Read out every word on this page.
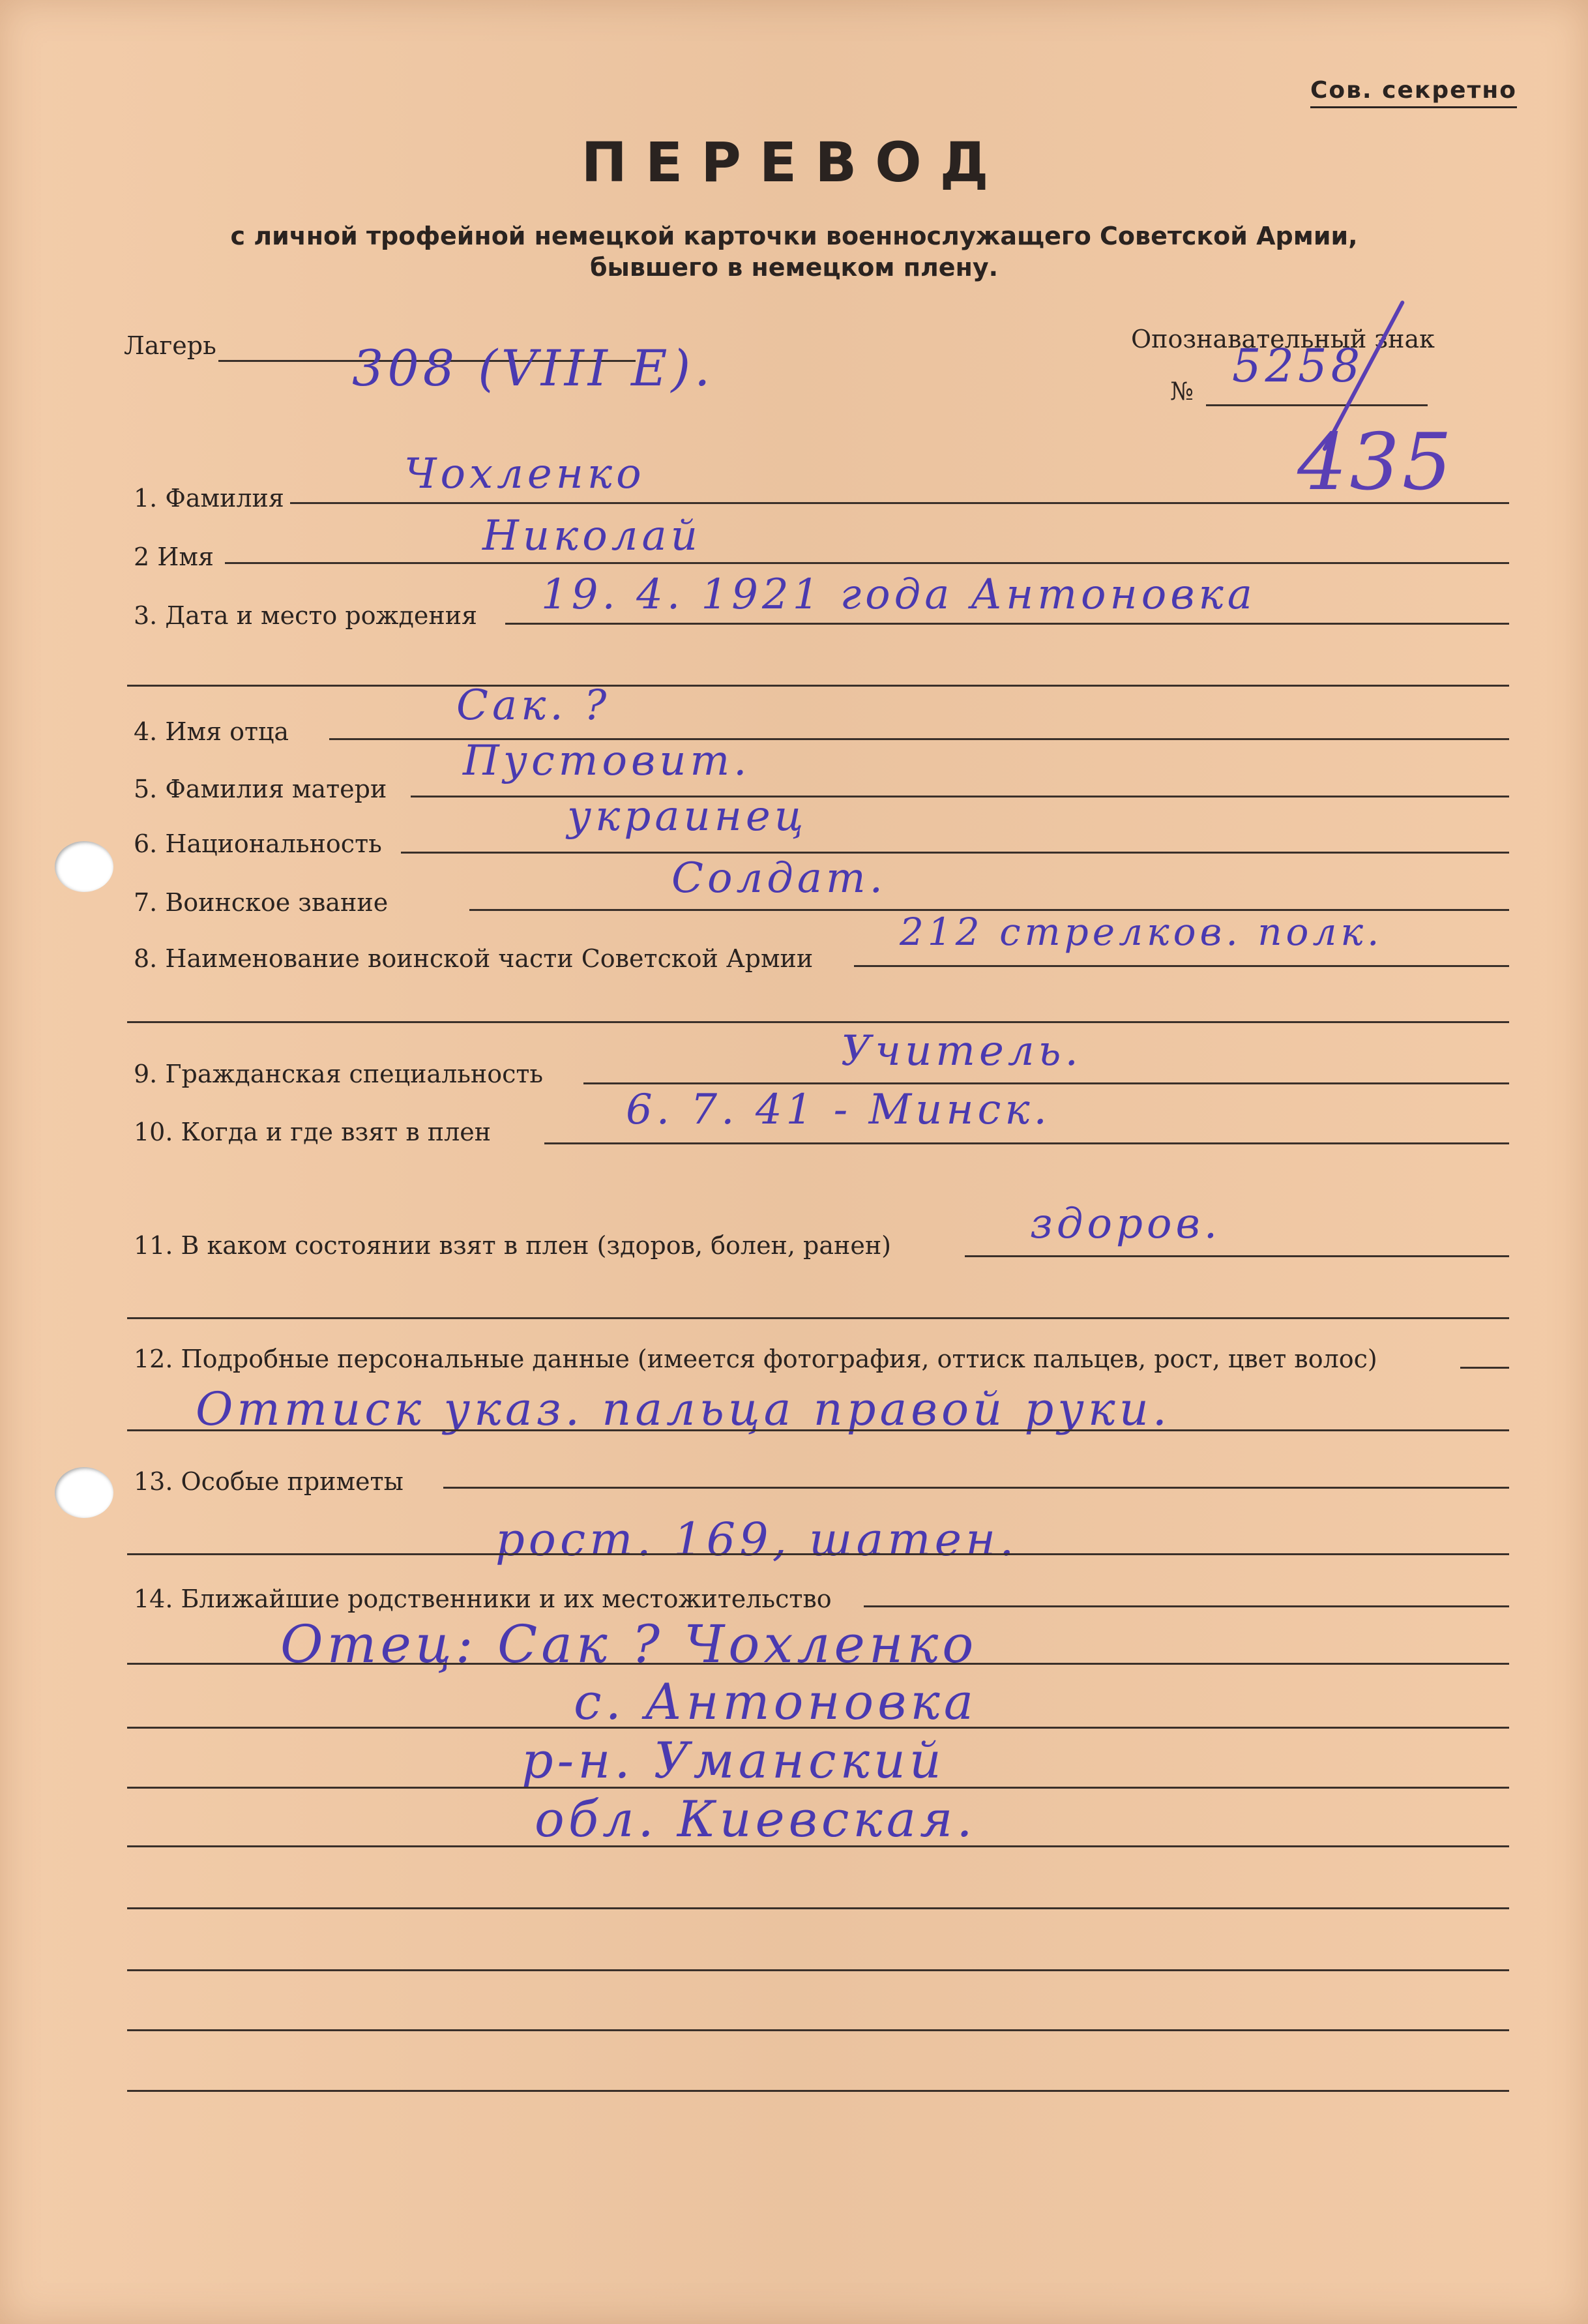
Сов. секретно
ПЕРЕВОД
с личной трофейной немецкой карточки военнослужащего Советской Армии,
бывшего в немецком плену.
Лагерь	308 (VIII E).	Опознавательный знак
№ 5258
435
1. Фамилия	Чохленко
2 Имя	Николай
3. Дата и место рождения 19. 4. 1921 года Антоновка
4. Имя отца
Сак. ?
5. Фамилия матери
Пустовит.
6. Национальность
украинец
7. Воинское звание	Солдат.
8. Наименование воинской части Советской Армии
212 стрелков. полк.
9. Гражданская специальность	Учитель.
10. Когда и где взят в плен	6. 7. 41 - Минск.
11. В каком состоянии взят в плен (здоров, болен, ранен)	здоров.
12. Подробные персональные данные (имеется фотография, оттиск пальцев, рост, цвет волос)
Оттиск указ. пальца правой руки.
13. Особые приметы
рост. 169, шатен.
14. Ближайшие родственники и их местожительство
Отец: Сак ? Чохленко
с. Антоновка
р-н. Уманский
обл. Киевская.
